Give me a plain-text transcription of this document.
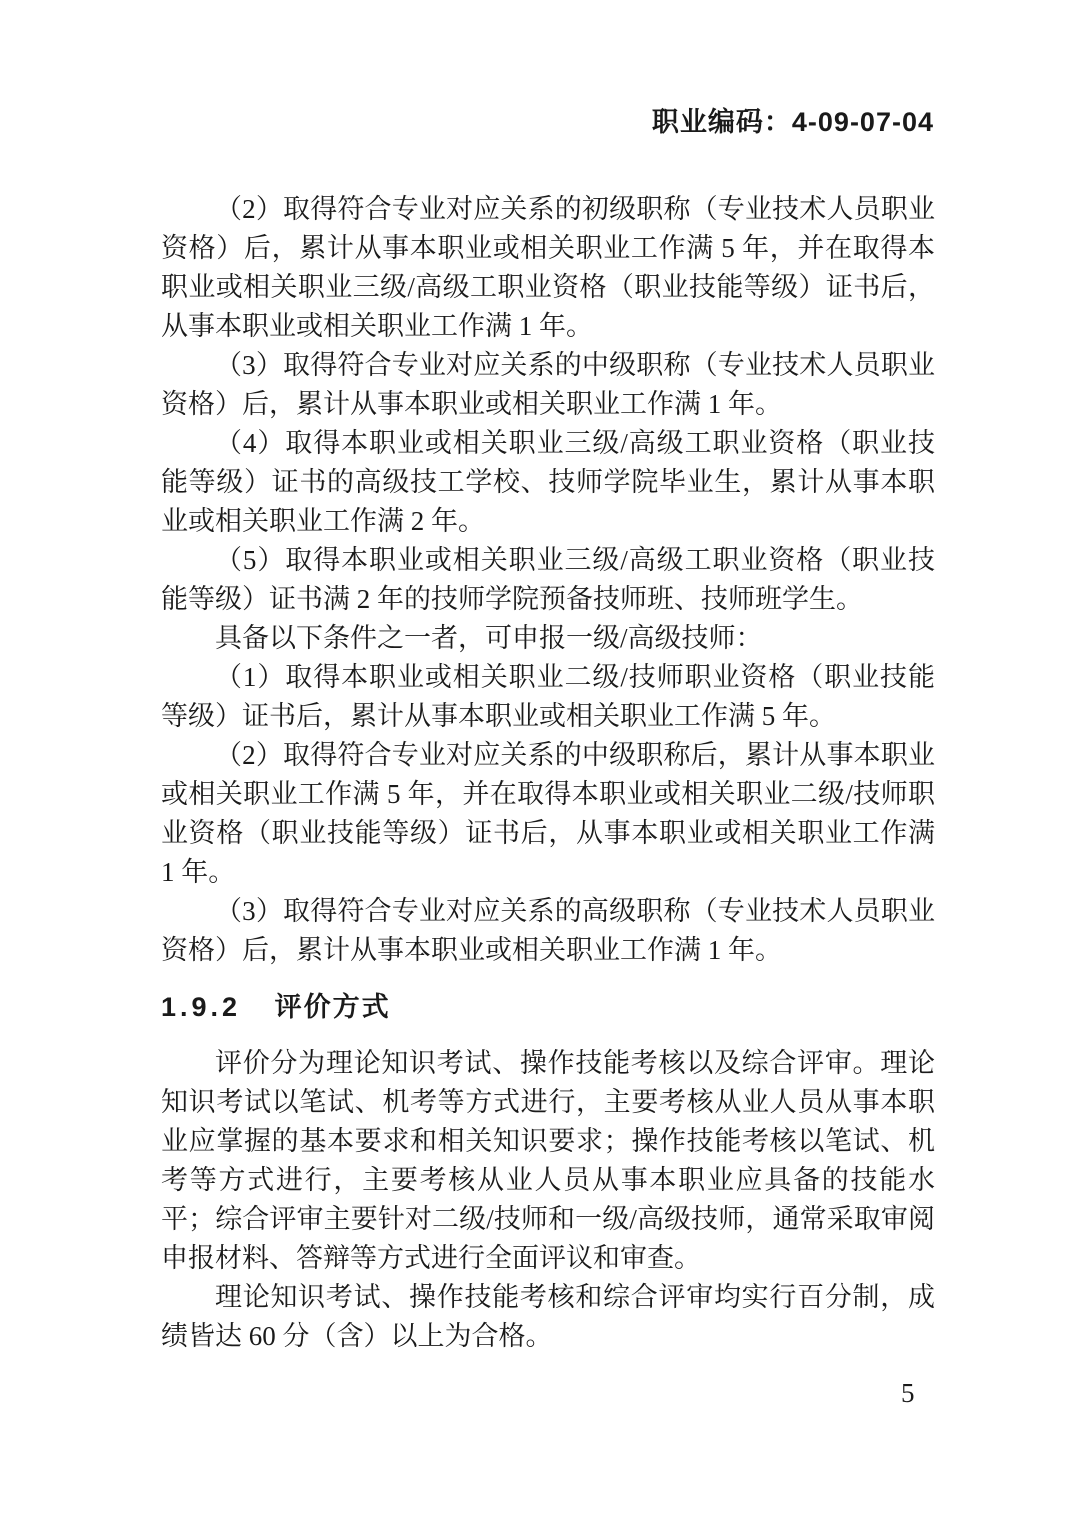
职业编码：4-09-07-04

（2）取得符合专业对应关系的初级职称（专业技术人员职业资格）后，累计从事本职业或相关职业工作满 5 年，并在取得本职业或相关职业三级/高级工职业资格（职业技能等级）证书后，从事本职业或相关职业工作满 1 年。

（3）取得符合专业对应关系的中级职称（专业技术人员职业资格）后，累计从事本职业或相关职业工作满 1 年。

（4）取得本职业或相关职业三级/高级工职业资格（职业技能等级）证书的高级技工学校、技师学院毕业生，累计从事本职业或相关职业工作满 2 年。

（5）取得本职业或相关职业三级/高级工职业资格（职业技能等级）证书满 2 年的技师学院预备技师班、技师班学生。

具备以下条件之一者，可申报一级/高级技师：

（1）取得本职业或相关职业二级/技师职业资格（职业技能等级）证书后，累计从事本职业或相关职业工作满 5 年。

（2）取得符合专业对应关系的中级职称后，累计从事本职业或相关职业工作满 5 年，并在取得本职业或相关职业二级/技师职业资格（职业技能等级）证书后，从事本职业或相关职业工作满 1 年。

（3）取得符合专业对应关系的高级职称（专业技术人员职业资格）后，累计从事本职业或相关职业工作满 1 年。

1.9.2 评价方式

评价分为理论知识考试、操作技能考核以及综合评审。理论知识考试以笔试、机考等方式进行，主要考核从业人员从事本职业应掌握的基本要求和相关知识要求；操作技能考核以笔试、机考等方式进行，主要考核从业人员从事本职业应具备的技能水平；综合评审主要针对二级/技师和一级/高级技师，通常采取审阅申报材料、答辩等方式进行全面评议和审查。

理论知识考试、操作技能考核和综合评审均实行百分制，成绩皆达 60 分（含）以上为合格。

5
